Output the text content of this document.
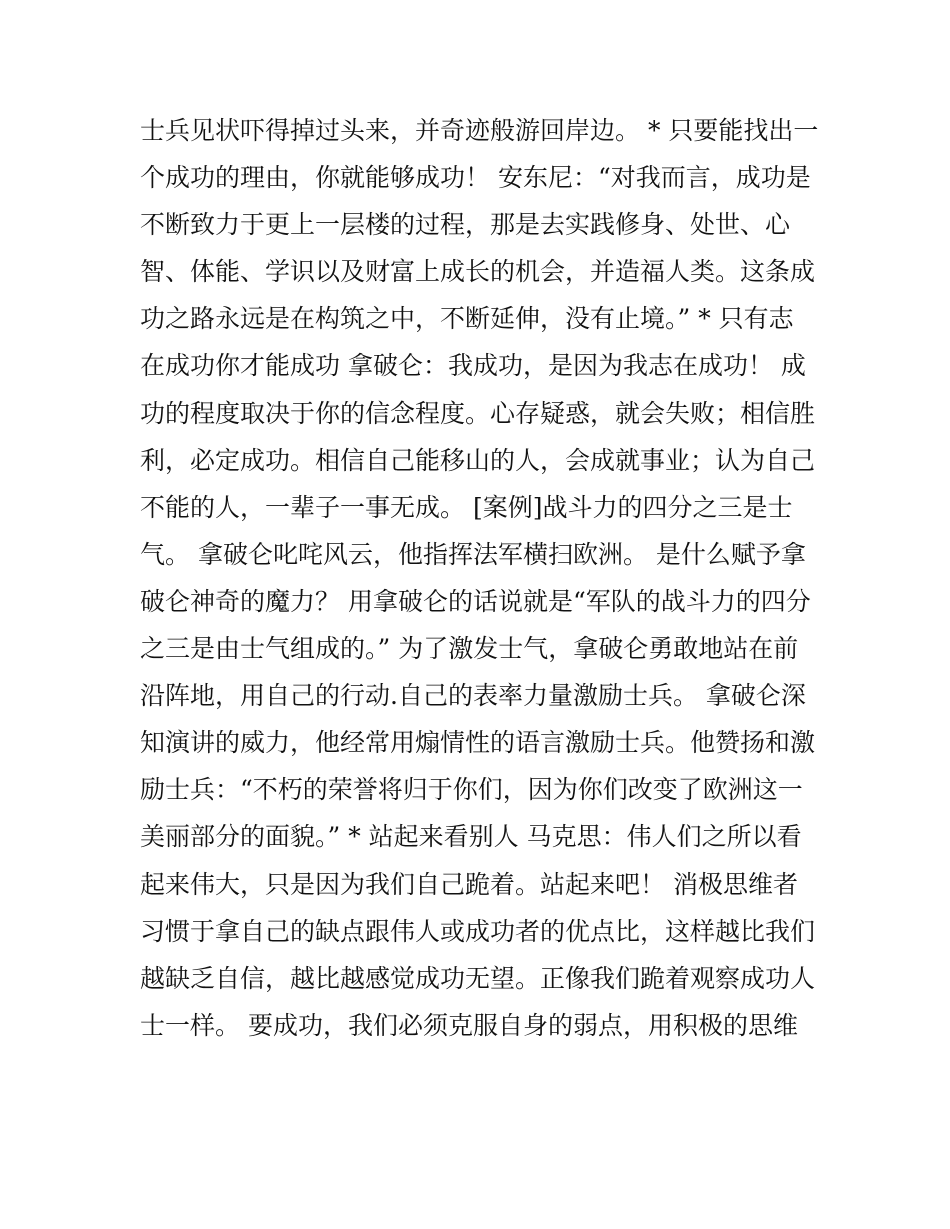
士兵见状吓得掉过头来，并奇迹般游回岸边。 * 只要能找出一
个成功的理由，你就能够成功！ 安东尼：“对我而言，成功是
不断致力于更上一层楼的过程，那是去实践修身、处世、心
智、体能、学识以及财富上成长的机会，并造福人类。这条成
功之路永远是在构筑之中，不断延伸，没有止境。” * 只有志
在成功你才能成功 拿破仑：我成功，是因为我志在成功！ 成
功的程度取决于你的信念程度。心存疑惑，就会失败；相信胜
利，必定成功。相信自己能移山的人，会成就事业；认为自己
不能的人，一辈子一事无成。 [案例]战斗力的四分之三是士
气。 拿破仑叱咤风云，他指挥法军横扫欧洲。 是什么赋予拿
破仑神奇的魔力？ 用拿破仑的话说就是“军队的战斗力的四分
之三是由士气组成的。” 为了激发士气，拿破仑勇敢地站在前
沿阵地，用自己的行动.自己的表率力量激励士兵。 拿破仑深
知演讲的威力，他经常用煽情性的语言激励士兵。他赞扬和激
励士兵：“不朽的荣誉将归于你们，因为你们改变了欧洲这一
美丽部分的面貌。” * 站起来看别人 马克思：伟人们之所以看
起来伟大，只是因为我们自己跪着。站起来吧！ 消极思维者
习惯于拿自己的缺点跟伟人或成功者的优点比，这样越比我们
越缺乏自信，越比越感觉成功无望。正像我们跪着观察成功人
士一样。 要成功，我们必须克服自身的弱点，用积极的思维
